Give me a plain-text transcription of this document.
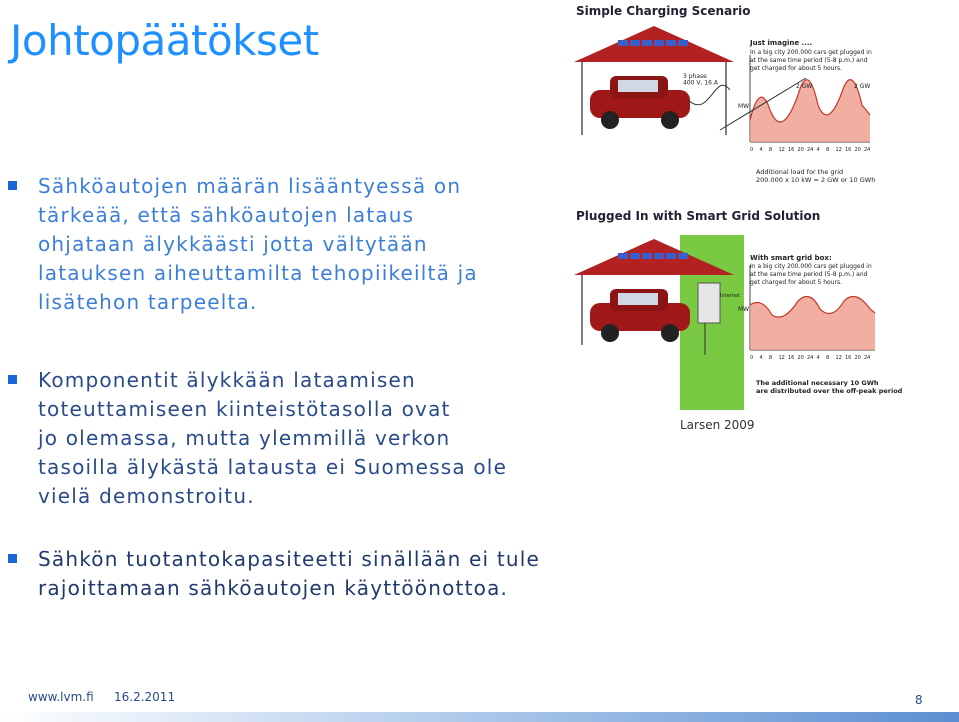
Johtopäätökset
Sähköautojen määrän lisääntyessä on
tärkeää, että sähköautojen lataus
ohjataan älykkäästi jotta vältytään
latauksen aiheuttamilta tehopiikeiltä ja
lisätehon tarpeelta.
Komponentit älykkään lataamisen
toteuttamiseen kiinteistötasolla ovat
jo olemassa, mutta ylemmillä verkon
tasoilla älykästä latausta ei Suomessa ole
vielä demonstroitu.
Sähkön tuotantokapasiteetti sinällään ei tule
rajoittamaan sähköautojen käyttöönottoa.
Simple Charging Scenario
3 phase 400 V, 16 A
MW
2 GW	2 GW
Just imagine ....
In a big city 200.000 cars get plugged in
at the same time period (5-8 p.m.) and
get charged for about 5 hours.
Additional load for the grid
200.000 x 10 kW = 2 GW or 10 GWh
0 4 8 12 16 20 24 4 8 12 16 20 24
Plugged In with Smart Grid Solution
Internet
MW
With smart grid box:
In a big city 200.000 cars get plugged in
at the same time period (5-8 p.m.) and
get charged for about 5 hours.
The additional necessary 10 GWh
are distributed over the off-peak period
0 4 8 12 16 20 24 4 8 12 16 20 24
Larsen 2009
www.lvm.fi 16.2.2011	8
